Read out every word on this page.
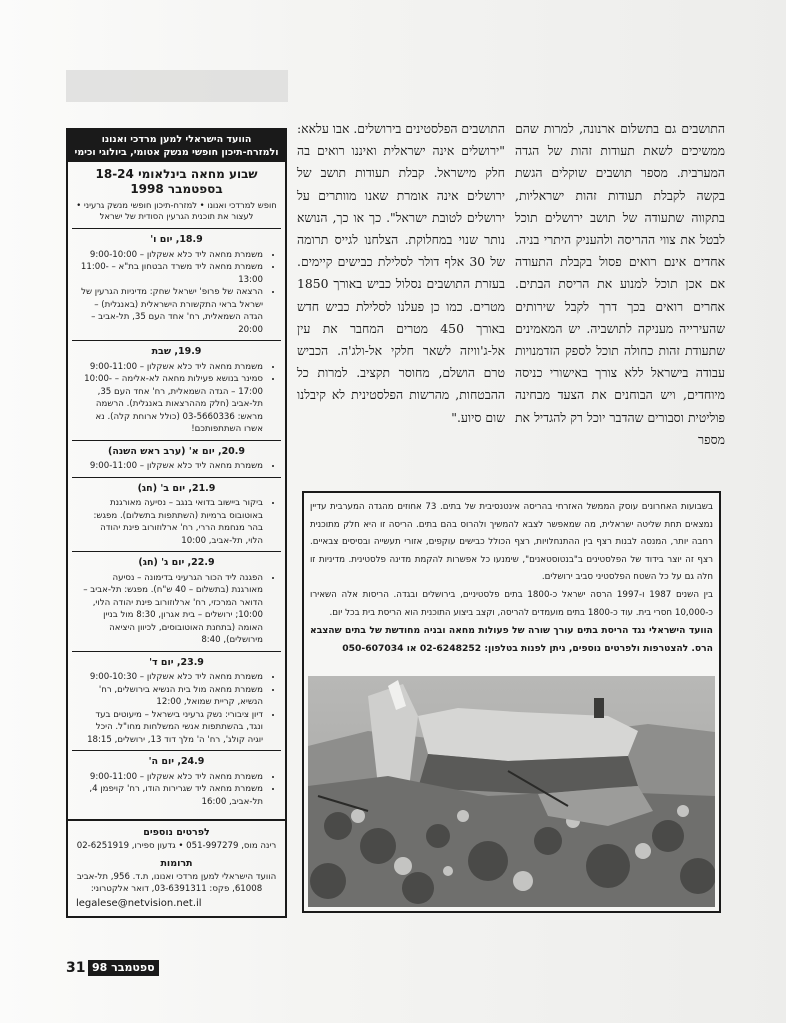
התושבים גם בתשלום ארנונה, למרות שהם ממשיכים לשאת תעודות זהות של הגדה המערבית. מספר תושבים שוקלים הגשת בקשה לקבלת תעודות זהות ישראליות, בתקווה שתעודה של תושב ירושלים תוכל לבטל את צווי ההריסה ולהעניק היתרי בניה. אחדים אינם רואים פסול בקבלת התעודה אם אכן תוכל למנוע את הריסת הבתים. אחרים רואים בכך דרך לקבל שירותים שהעירייה מעניקה לתושביה. יש המאמינים שתעודת זהות כחולה תוכל לספק הזדמנויות עבודה בישראל ללא צורך באישורי כניסה מיוחדים, ויש הבוחנים את הצעד מבחינה פוליטית וסבורים שהדבר יוכל רק להגדיל את מספר

התושבים הפלסטינים בירושלים. אבו עלאא: "ירושלים אינה ישראלית ואיננו רואים בה חלק מישראל. קבלת תעודות תושב של ירושלים אינה אומרת שאנו מוותרים על ירושלים לטובת ישראל". כך או כך, הנושא נותר שנוי במחלוקת. הצלחנו לגייס תרומה של 30 אלף דולר לסלילת כבישים קיימים. בעזרת התושבים נסלול כביש באורך 1850 מטרים. כמו כן פעלנו לסלילת כביש חדש באורך 450 מטרים המחבר את עין אל-ג'וויזה לשאר חלקי אל-ולג'ה. הכביש טרם הושלם, מחוסר תקציב. למרות כל ההבטחות, מהרשות הפלסטינית לא קיבלנו שום סיוע."

הוועד הישראלי למען מרדכי ואנונו ולמזרח-תיכון חופשי מנשק אטומי, ביולוגי וכימי
שבוע מחאה בינלאומי 18-24 בספטמבר 1998
חופש למרדכי ואנונו • למזרח-תיכון חופשי מנשק גרעיני • לעצור את תוכנית הגרעין הסודית של ישראל
18.9, יום ו'
• משמרת מחאה ליד כלא אשקלון – 9:00-10:00
• משמרת מחאה ליד משרד הבטחון בת"א – 11:00-13:00
• הרצאה של פרופ' ישראל שחק: מדיניות הגרעין של ישראל בראי התקשורת הישראלית (באנגלית) – הגדה השמאלית, רח' אחד העם 35, תל-אביב – 20:00
19.9, שבת
• משמרת מחאה ליד כלא אשקלון – 9:00-11:00
• סמינר בנושא פעילות מחאה לא-אלימה – 10:00-17:00 – הגדה השמאלית, רח' אחד העם 35, תל-אביב (חלק מההרצאות באנגלית). הרשמה מראש: 03-5660336 (כולל ארוחת קלה). נא אשרו השתתפותכם!
20.9, יום א' (ערב ראש השנה)
• משמרת מחאה ליד כלא אשקלון – 9:00-11:00
21.9, יום ב' (חג)
• ביקור ביישוב בדואי בנגב – נסיעה מאורגנת באוטובוס ברמיות (השתתפות בתשלום). מפגש: בהר מנחמת הררי, רח' ארלוזורוב פינת יהודה הלוי, תל-אביב, 10:00
22.9, יום ג' (חג)
• הפגנה ליד הכור הגרעיני בדימונה – נסיעה מאורגנת (בתשלום – 40 ש"ח). מפגש: תל-אביב – הדואר המרכזי, רח' ארלוזורוב פינת יהודה הלוי, 10:00; ירושלים – בית אגרון, 8:30 מול בניין האומה (בתחנת האוטובוסים, לכיוון היציאה מירושלים), 8:40
23.9, יום ד'
• משמרת מחאה ליד כלא אשקלון – 9:00-10:30
• משמרת מחאה מול בית הנשיא בירושלים, רח' הנשיא, קריית שמואל, 12:00
• דיון ציבורי: נשק גרעיני בישראל – מיעוטים בעד ונגד, בהשתתפות אנשי המשלחות מחו"ל. היכל יוגיה קולג', רח' ה' מלך דוד 13, ירושלים, 18:15
24.9, יום ה'
• משמרת מחאה ליד כלא אשקלון – 9:00-11:00
• משמרת מחאה ליד שגרירות הודו, רח' קויפמן 4, תל-אביב, 16:00
לפרטים נוספים
רינה מוס, 051-997279 • גדעון ספירו, 02-6251919
תרומות
הוועד הישראלי למען מרדכי ואנונו, ת.ד. 956, תל-אביב 61008, פקס: 03-6391311, דואר אלקטרוני:
legalese@netvision.net.il

בשבועות האחרונים עוסק הממשל האזרחי בהריסה אינטנסיבית של בתים. 73 אחוזים מהגדה המערבית עדיין נמצאים תחת שליטה ישראלית, מה שמאפשר לצבא להמשיך ולהרוס בהם בתים. הריסה זו היא חלק מתוכנית רחבה יותר, המנסה לבנות רצף בין ההתנחלויות, רצף הכולל כבישים עוקפים, אזורי תעשייה ובסיסים צבאיים. רצף זה יוצר בידוד של הפלסטינים ב"בנטוסטאנים", שימנעו כל אפשרות להקמת מדינה פלסטינית. מדיניות זו חלה גם על כל השטח הפלסטיני סביב ירושלים.

בין השנים 1987 ו-1997 הרסה ישראל כ-1800 בתים פלסטיניים, בירושלים ובגדה. הריסות אלה השאירו כ-10,000 חסרי בית. עוד כ-1800 בתים מועמדים להריסה, וקצב ביצוע התוכנית הוא הריסת בית בכל יום.

הוועד הישראלי נגד הריסת בתים עורך שורה של פעולות מחאה ובניה מחודשת של בתים שהצבא הרס. להצטרפות ולפרטים נוספים, ניתן לפנות בטלפון: 02-6248252 או 050-607034

31 ספטמבר 98
